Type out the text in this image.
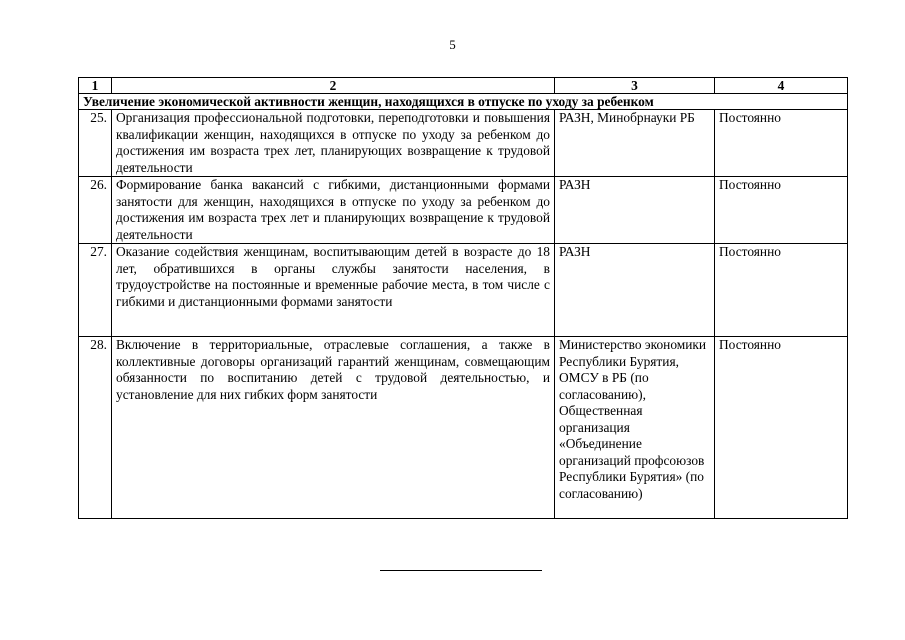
5
1	2	3	4
Увеличение экономической активности женщин, находящихся в отпуске по уходу за ребенком			
25.	Организация профессиональной подготовки, переподготовки и повышения квалификации женщин, находящихся в отпуске по уходу за ребенком до достижения им возраста трех лет, планирующих возвращение к трудовой деятельности	РАЗН, Минобрнауки РБ	Постоянно
26.	Формирование банка вакансий с гибкими, дистанционными формами занятости для женщин, находящихся в отпуске по уходу за ребенком до достижения им возраста трех лет и планирующих возвращение к трудовой деятельности	РАЗН	Постоянно
27.	Оказание содействия женщинам, воспитывающим детей в возрасте до 18 лет, обратившихся в органы службы занятости населения, в трудоустройстве на постоянные и временные рабочие места, в том числе с гибкими и дистанционными формами занятости	РАЗН	Постоянно
28.	Включение в территориальные, отраслевые соглашения, а также в коллективные договоры организаций гарантий женщинам, совмещающим обязанности по воспитанию детей с трудовой деятельностью, и установление для них гибких форм занятости	Министерство экономики Республики Бурятия, ОМСУ в РБ (по согласованию), Общественная организация «Объединение организаций профсоюзов Республики Бурятия» (по согласованию)	Постоянно
